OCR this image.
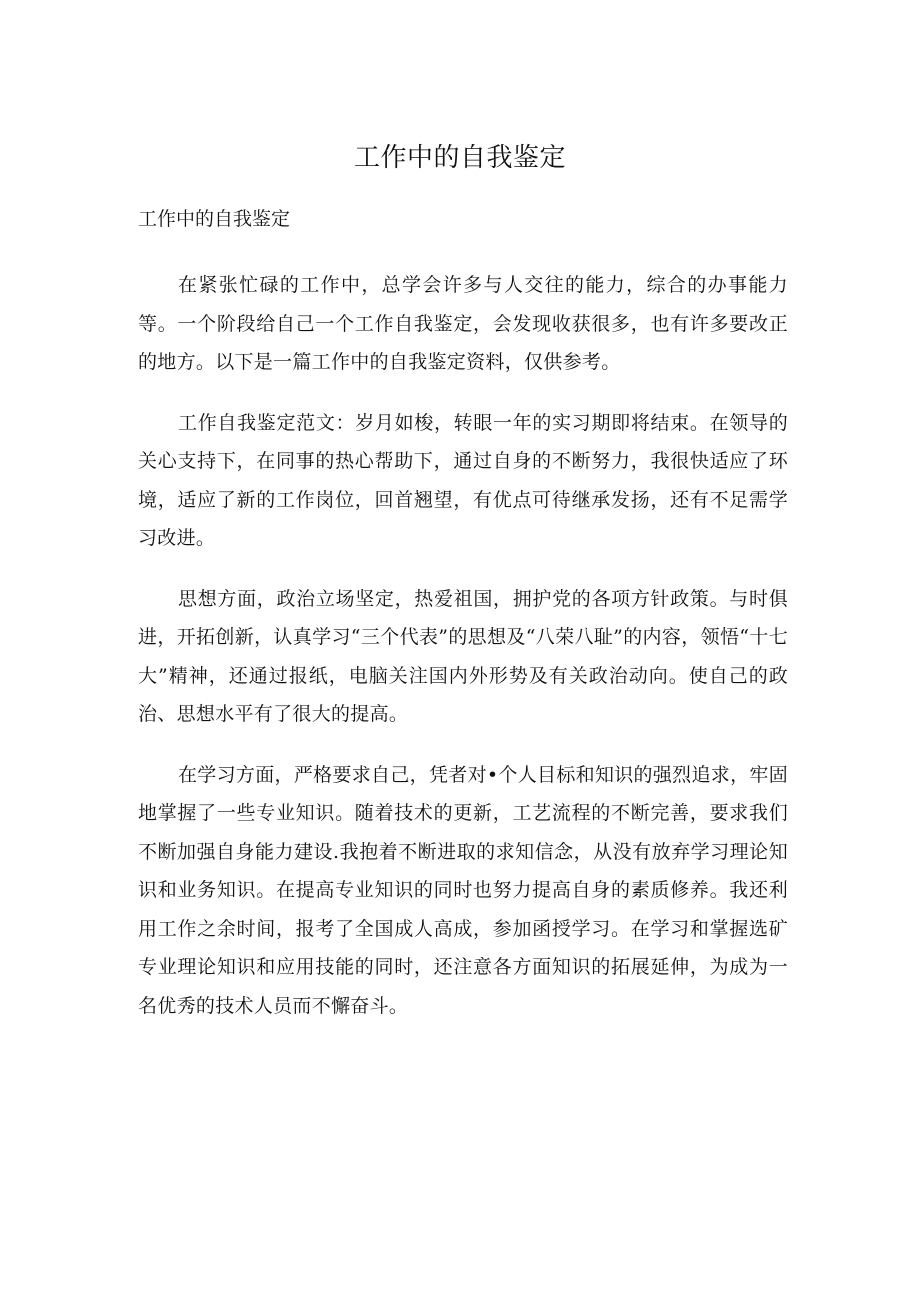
工作中的自我鉴定
工作中的自我鉴定

在紧张忙碌的工作中，总学会许多与人交往的能力，综合的办事能力等。一个阶段给自己一个工作自我鉴定，会发现收获很多，也有许多要改正的地方。以下是一篇工作中的自我鉴定资料，仅供参考。

工作自我鉴定范文：岁月如梭，转眼一年的实习期即将结束。在领导的关心支持下，在同事的热心帮助下，通过自身的不断努力，我很快适应了环境，适应了新的工作岗位，回首翘望，有优点可待继承发扬，还有不足需学习改进。

思想方面，政治立场坚定，热爱祖国，拥护党的各项方针政策。与时俱进，开拓创新，认真学习“三个代表”的思想及“八荣八耻”的内容，领悟“十七大”精神，还通过报纸，电脑关注国内外形势及有关政治动向。使自己的政治、思想水平有了很大的提高。

在学习方面，严格要求自己，凭者对•个人目标和知识的强烈追求，牢固地掌握了一些专业知识。随着技术的更新，工艺流程的不断完善，要求我们不断加强自身能力建设.我抱着不断进取的求知信念，从没有放弃学习理论知识和业务知识。在提高专业知识的同时也努力提高自身的素质修养。我还利用工作之余时间，报考了全国成人高成，参加函授学习。在学习和掌握选矿专业理论知识和应用技能的同时，还注意各方面知识的拓展延伸，为成为一名优秀的技术人员而不懈奋斗。
